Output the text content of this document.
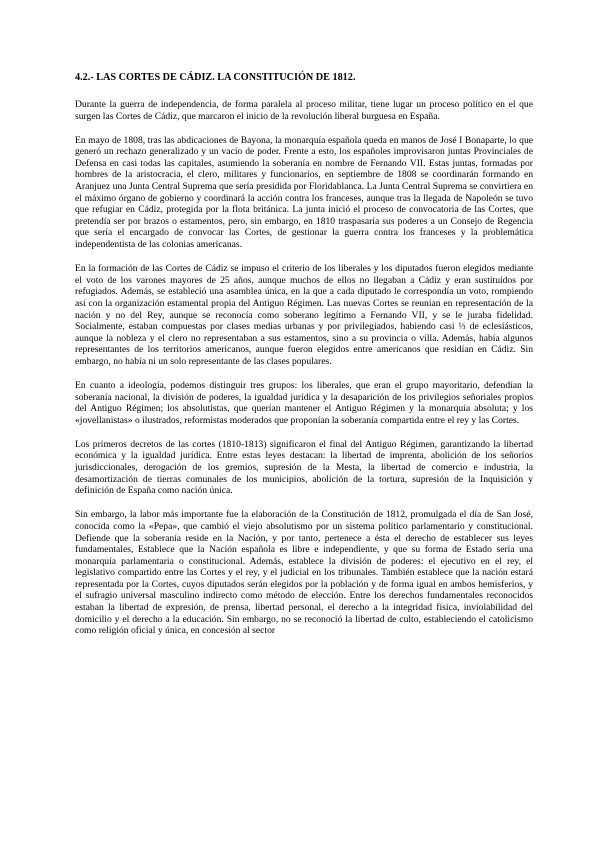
4.2.- LAS CORTES DE CÁDIZ. LA CONSTITUCIÓN DE 1812.

Durante la guerra de independencia, de forma paralela al proceso militar, tiene lugar un proceso político en el que surgen las Cortes de Cádiz, que marcaron el inicio de la revolución liberal burguesa en España.

En mayo de 1808, tras las abdicaciones de Bayona, la monarquía española queda en manos de José I Bonaparte, lo que generó un rechazo generalizado y un vacío de poder. Frente a esto, los españoles improvisaron juntas Provinciales de Defensa en casi todas las capitales, asumiendo la soberanía en nombre de Fernando VII. Estas juntas, formadas por hombres de la aristocracia, el clero, militares y funcionarios, en septiembre de 1808 se coordinarán formando en Aranjuez una Junta Central Suprema que sería presidida por Floridablanca. La Junta Central Suprema se convirtiera en el máximo órgano de gobierno y coordinará la acción contra los franceses, aunque tras la llegada de Napoleón se tuvo que refugiar en Cádiz, protegida por la flota británica. La junta inició el proceso de convocatoria de las Cortes, que pretendía ser por brazos o estamentos, pero, sin embargo, en 1810 traspasaría sus poderes a un Consejo de Regencia que sería el encargado de convocar las Cortes, de gestionar la guerra contra los franceses y la problemática independentista de las colonias americanas.

En la formación de las Cortes de Cádiz se impuso el criterio de los liberales y los diputados fueron elegidos mediante el voto de los varones mayores de 25 años, aunque muchos de ellos no llegaban a Cádiz y eran sustituidos por refugiados. Además, se estableció una asamblea única, en la que a cada diputado le correspondía un voto, rompiendo así con la organización estamental propia del Antiguo Régimen. Las nuevas Cortes se reunían en representación de la nación y no del Rey, aunque se reconocía como soberano legítimo a Fernando VII, y se le juraba fidelidad. Socialmente, estaban compuestas por clases medias urbanas y por privilegiados, habiendo casi ⅓ de eclesiásticos, aunque la nobleza y el clero no representaban a sus estamentos, sino a su provincia o villa. Además, había algunos representantes de los territorios americanos, aunque fueron elegidos entre americanos que residían en Cádiz. Sin embargo, no había ni un solo representante de las clases populares.

En cuanto a ideología, podemos distinguir tres grupos: los liberales, que eran el grupo mayoritario, defendían la soberanía nacional, la división de poderes, la igualdad jurídica y la desaparición de los privilegios señoriales propios del Antiguo Régimen; los absolutistas, que querían mantener el Antiguo Régimen y la monarquía absoluta; y los «jovellanistas» o ilustrados, reformistas moderados que proponían la soberanía compartida entre el rey y las Cortes.

Los primeros decretos de las cortes (1810-1813) significaron el final del Antiguo Régimen, garantizando la libertad económica y la igualdad jurídica. Entre estas leyes destacan: la libertad de imprenta, abolición de los señoríos jurisdiccionales, derogación de los gremios, supresión de la Mesta, la libertad de comercio e industria, la desamortización de tierras comunales de los municipios, abolición de la tortura, supresión de la Inquisición y definición de España como nación única.

Sin embargo, la labor más importante fue la elaboración de la Constitución de 1812, promulgada el día de San José, conocida como la «Pepa», que cambió el viejo absolutismo por un sistema político parlamentario y constitucional. Defiende que la soberanía reside en la Nación, y por tanto, pertenece a ésta el derecho de establecer sus leyes fundamentales, Establece que la Nación española es libre e independiente, y que su forma de Estado sería una monarquía parlamentaria o constitucional. Además, establece la división de poderes: el ejecutivo en el rey, el legislativo compartido entre las Cortes y el rey, y el judicial en los tribunales. También establece que la nación estará representada por la Cortes, cuyos diputados serán elegidos por la población y de forma igual en ambos hemisferios, y el sufragio universal masculino indirecto como método de elección. Entre los derechos fundamentales reconocidos estaban la libertad de expresión, de prensa, libertad personal, el derecho a la integridad física, inviolabilidad del domicilio y el derecho a la educación. Sin embargo, no se reconoció la libertad de culto, estableciendo el catolicismo como religión oficial y única, en concesión al sector
